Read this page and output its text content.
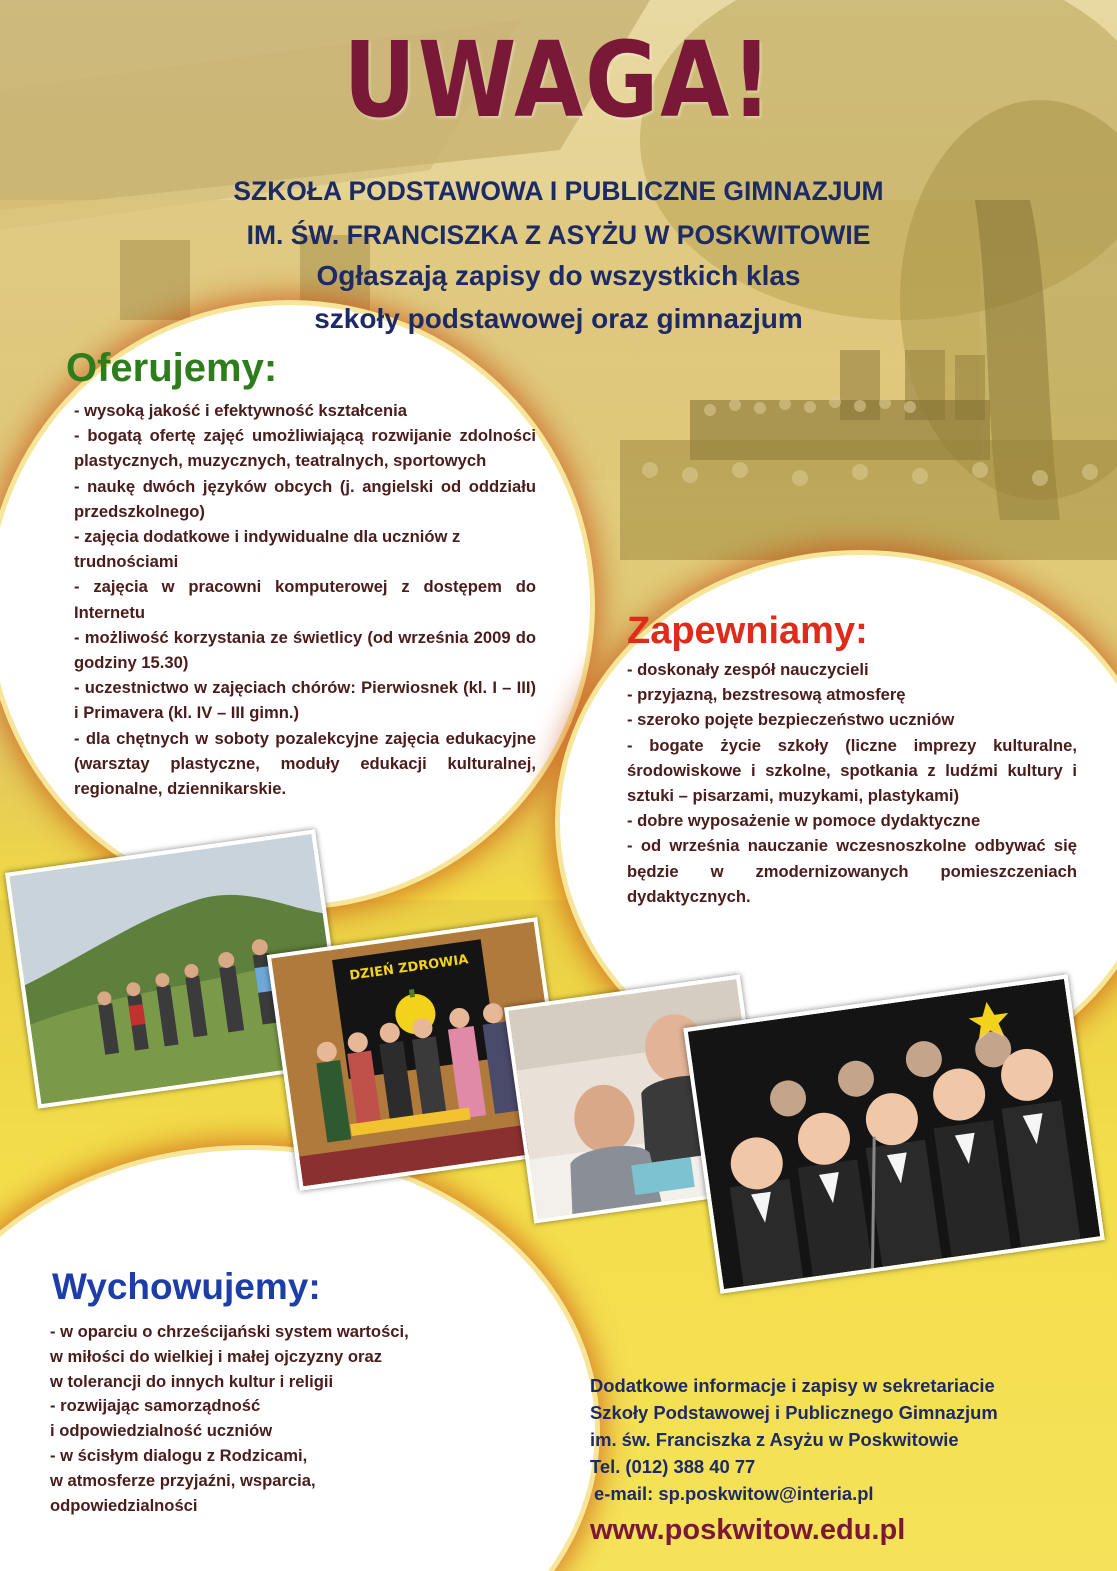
UWAGA!
SZKOŁA PODSTAWOWA I PUBLICZNE GIMNAZJUM
IM. ŚW. FRANCISZKA Z ASYŻU W POSKWITOWIE
Ogłaszają zapisy do wszystkich klas
szkoły podstawowej oraz gimnazjum
Oferujemy:
- wysoką jakość i efektywność kształcenia
- bogatą ofertę zajęć umożliwiającą rozwijanie zdolności plastycznych, muzycznych, teatralnych, sportowych
- naukę dwóch języków obcych (j. angielski od oddziału przedszkolnego)
- zajęcia dodatkowe i indywidualne dla uczniów z trudnościami
- zajęcia w pracowni komputerowej z dostępem do Internetu
- możliwość korzystania ze świetlicy (od września 2009 do godziny 15.30)
- uczestnictwo w zajęciach chórów: Pierwiosnek (kl. I – III) i Primavera (kl. IV – III gimn.)
- dla chętnych w soboty pozalekcyjne zajęcia edukacyjne (warsztay plastyczne, moduły edukacji kulturalnej, regionalne, dziennikarskie.
Zapewniamy:
- doskonały zespół nauczycieli
- przyjazną, bezstresową atmosferę
- szeroko pojęte bezpieczeństwo uczniów
- bogate życie szkoły (liczne imprezy kulturalne, środowiskowe i szkolne, spotkania z ludźmi kultury i sztuki – pisarzami, muzykami, plastykami)
- dobre wyposażenie w pomoce dydaktyczne
- od września nauczanie wczesnoszkolne odbywać się będzie w zmodernizowanych pomieszczeniach dydaktycznych.
DZIEŃ ZDROWIA
Wychowujemy:
- w oparciu o chrześcijański system wartości,
w miłości do wielkiej i małej ojczyzny oraz
w tolerancji do innych kultur i religii
- rozwijając samorządność
i odpowiedzialność uczniów
- w ścisłym dialogu z Rodzicami,
w atmosferze przyjaźni, wsparcia,
odpowiedzialności
Dodatkowe informacje i zapisy w sekretariacie
Szkoły Podstawowej i Publicznego Gimnazjum
im. św. Franciszka z Asyżu w Poskwitowie
Tel. (012) 388 40 77
e-mail: sp.poskwitow@interia.pl
www.poskwitow.edu.pl
